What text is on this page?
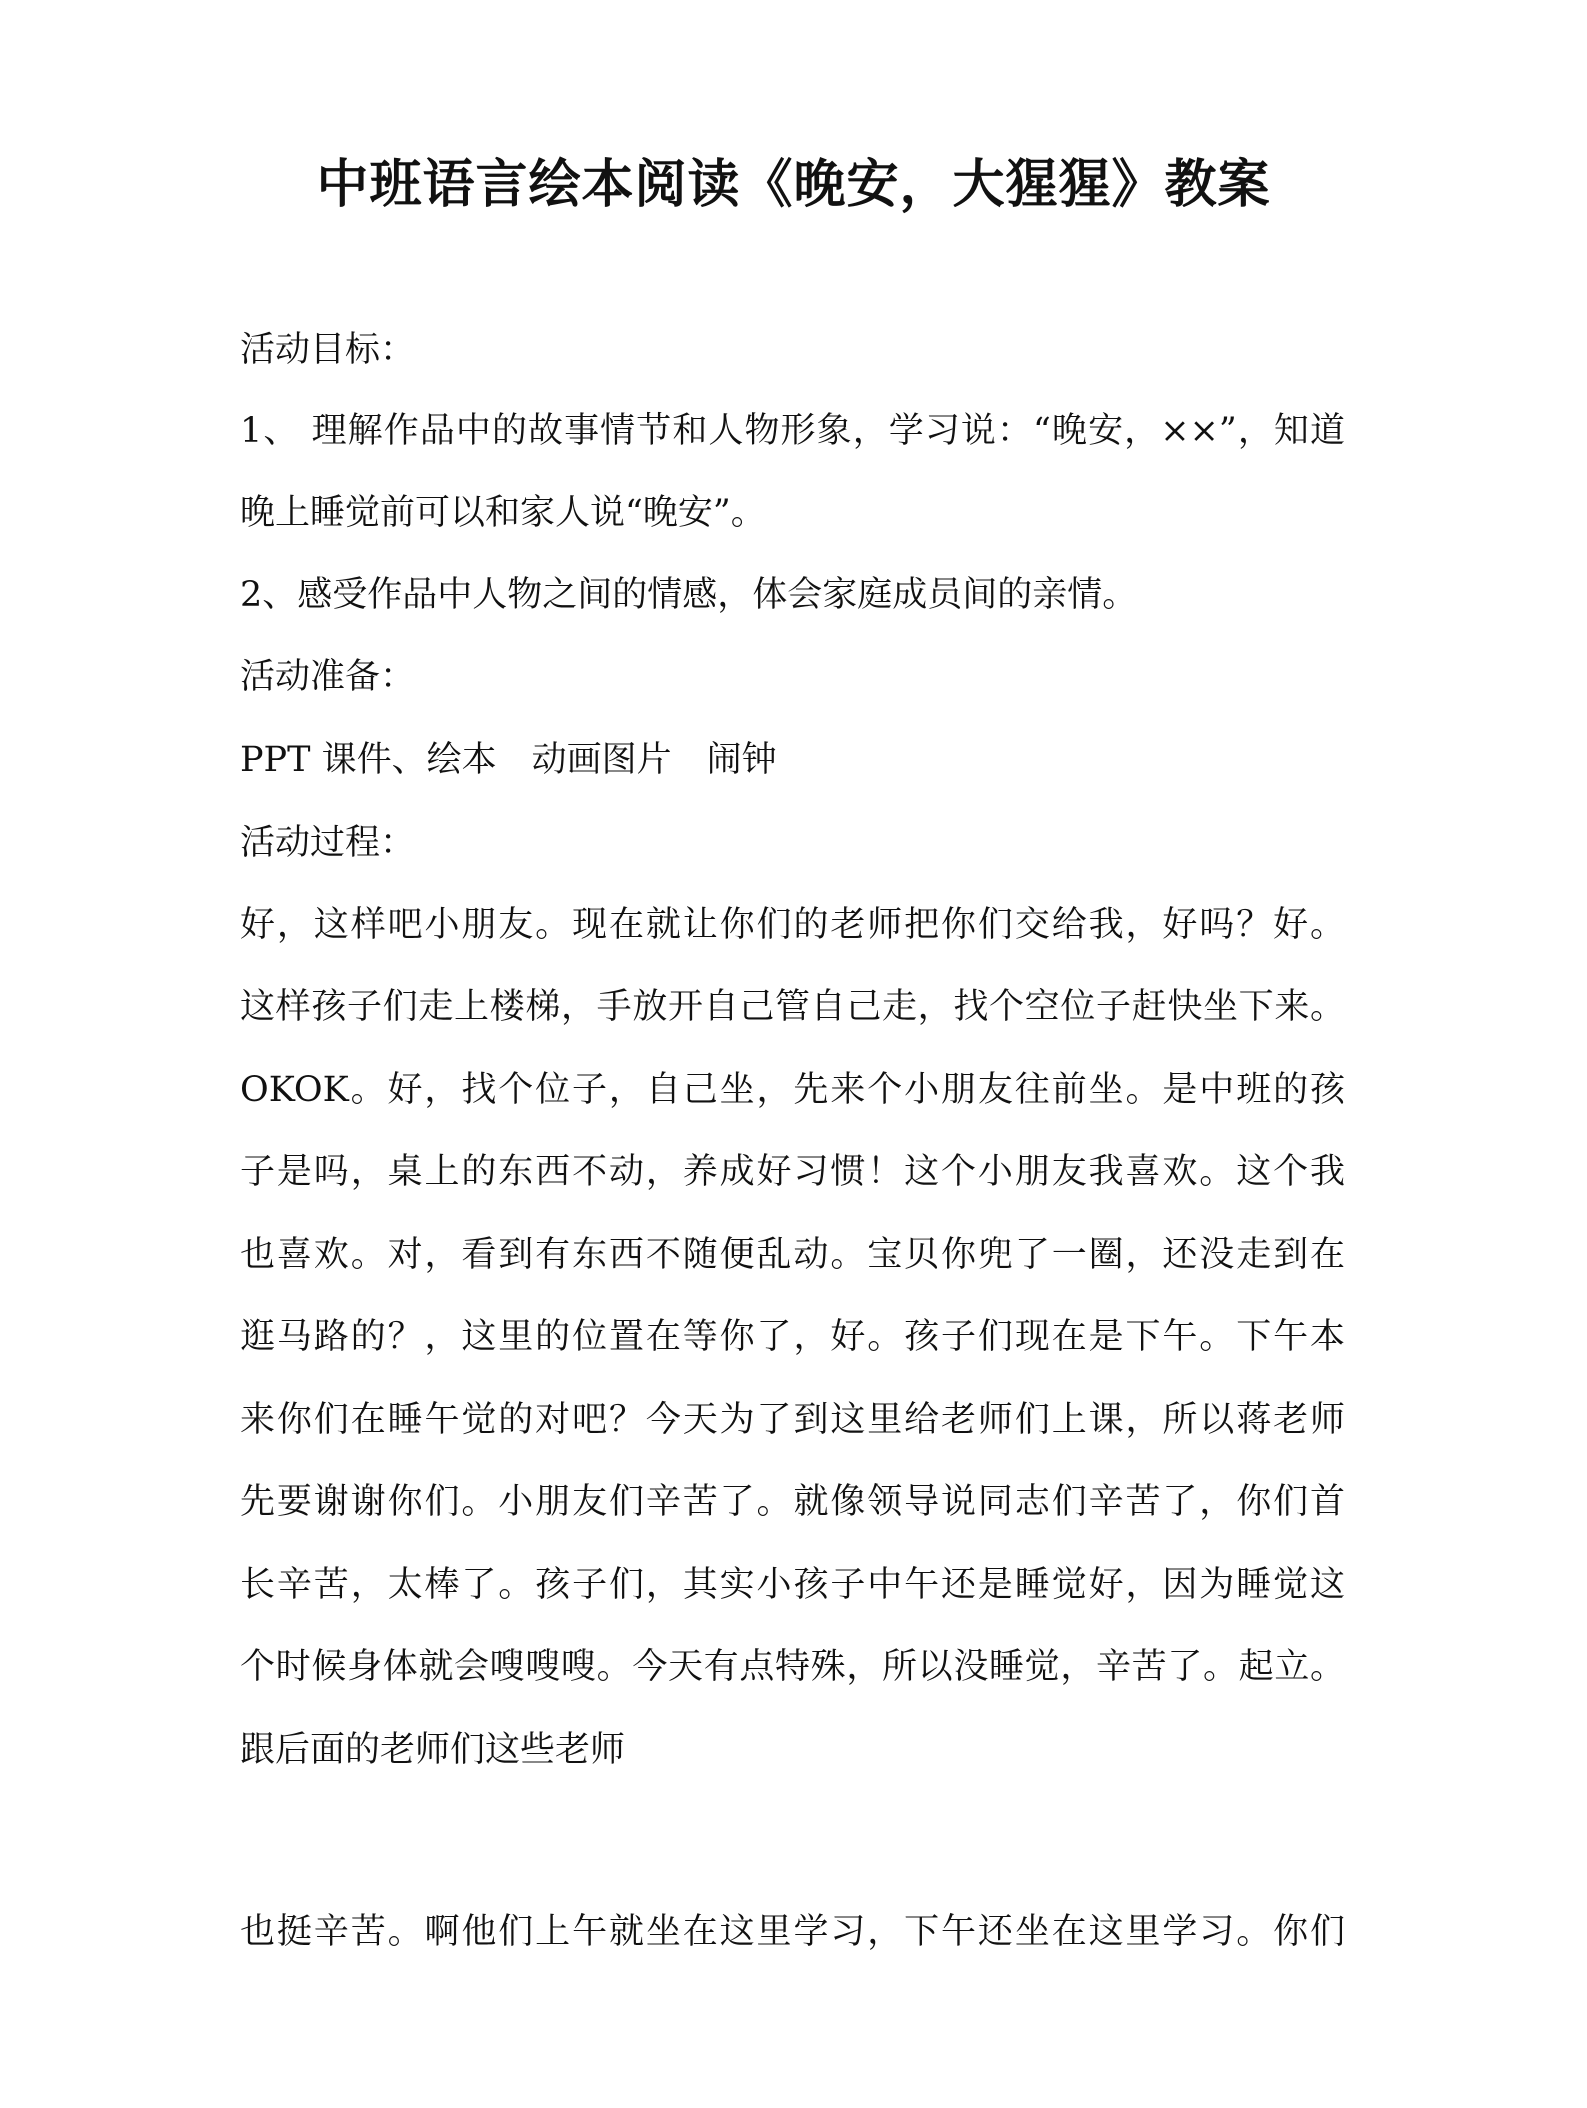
中班语言绘本阅读《晚安，大猩猩》教案
活动目标：
1、 理解作品中的故事情节和人物形象，学习说：“晚安，××”，知道
晚上睡觉前可以和家人说“晚安”。
2、感受作品中人物之间的情感，体会家庭成员间的亲情。
活动准备：
PPT 课件、绘本　动画图片　闹钟
活动过程：
好，这样吧小朋友。现在就让你们的老师把你们交给我，好吗？好。
这样孩子们走上楼梯，手放开自己管自己走，找个空位子赶快坐下来。
OKOK。好，找个位子，自己坐，先来个小朋友往前坐。是中班的孩
子是吗，桌上的东西不动，养成好习惯！这个小朋友我喜欢。这个我
也喜欢。对，看到有东西不随便乱动。宝贝你兜了一圈，还没走到在
逛马路的？，这里的位置在等你了，好。孩子们现在是下午。下午本
来你们在睡午觉的对吧？今天为了到这里给老师们上课，所以蒋老师
先要谢谢你们。小朋友们辛苦了。就像领导说同志们辛苦了，你们首
长辛苦，太棒了。孩子们，其实小孩子中午还是睡觉好，因为睡觉这
个时候身体就会嗖嗖嗖。今天有点特殊，所以没睡觉，辛苦了。起立。
跟后面的老师们这些老师
也挺辛苦。啊他们上午就坐在这里学习，下午还坐在这里学习。你们
